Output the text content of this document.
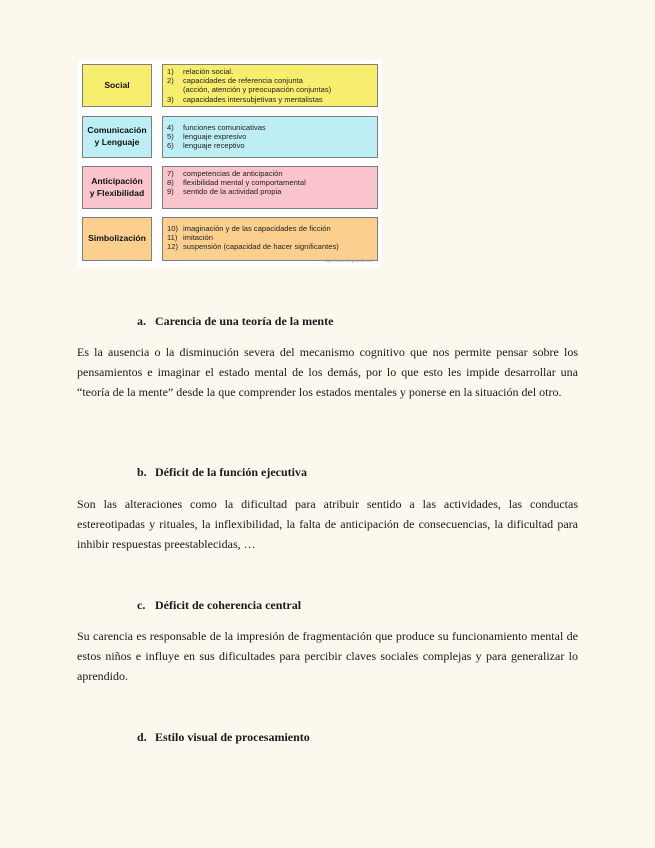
Social
1)	relación social.
2)	capacidades de referencia conjunta
(acción, atención y preocupación conjuntas)
3)	capacidades intersubjetivas y mentalistas
Comunicación
y Lenguaje
4)	funciones comunicativas
5)	lenguaje expresivo
6)	lenguaje receptivo
Anticipación
y Flexibilidad
7)	competencias de anticipación
8)	flexibilidad mental y comportamental
9)	sentido de la actividad propia
Simbolización
10) imaginación y de las capacidades de ficción
11) imitación
12) suspensión (capacidad de hacer significantes)
http://www.integrando.com
a. Carencia de una teoría de la mente

Es la ausencia o la disminución severa del mecanismo cognitivo que nos permite pensar sobre los pensamientos e imaginar el estado mental de los demás, por lo que esto les impide desarrollar una “teoría de la mente” desde la que comprender los estados mentales y ponerse en la situación del otro.

b. Déficit de la función ejecutiva

Son las alteraciones como la dificultad para atribuir sentido a las actividades, las conductas estereotipadas y rituales, la inflexibilidad, la falta de anticipación de consecuencias, la dificultad para inhibir respuestas preestablecidas, …

c. Déficit de coherencia central

Su carencia es responsable de la impresión de fragmentación que produce su funcionamiento mental de estos niños e influye en sus dificultades para percibir claves sociales complejas y para generalizar lo aprendido.

d. Estilo visual de procesamiento
